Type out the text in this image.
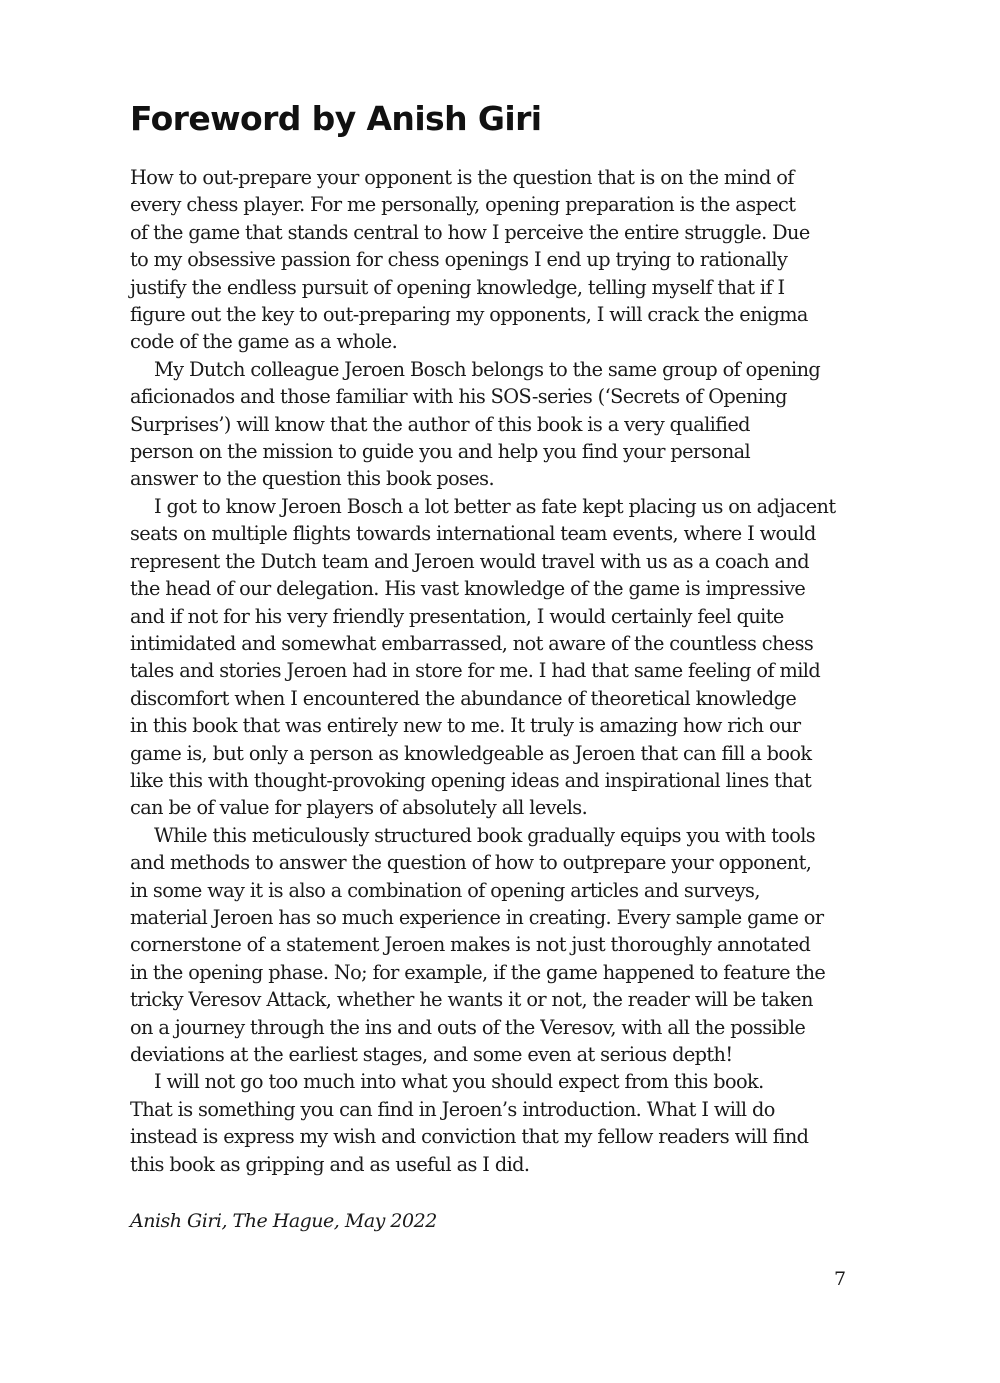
Foreword by Anish Giri

How to out-prepare your opponent is the question that is on the mind of
every chess player. For me personally, opening preparation is the aspect
of the game that stands central to how I perceive the entire struggle. Due
to my obsessive passion for chess openings I end up trying to rationally
justify the endless pursuit of opening knowledge, telling myself that if I
figure out the key to out-preparing my opponents, I will crack the enigma
code of the game as a whole.

My Dutch colleague Jeroen Bosch belongs to the same group of opening
aficionados and those familiar with his SOS-series (‘Secrets of Opening
Surprises’) will know that the author of this book is a very qualified
person on the mission to guide you and help you find your personal
answer to the question this book poses.

I got to know Jeroen Bosch a lot better as fate kept placing us on adjacent
seats on multiple flights towards international team events, where I would
represent the Dutch team and Jeroen would travel with us as a coach and
the head of our delegation. His vast knowledge of the game is impressive
and if not for his very friendly presentation, I would certainly feel quite
intimidated and somewhat embarrassed, not aware of the countless chess
tales and stories Jeroen had in store for me. I had that same feeling of mild
discomfort when I encountered the abundance of theoretical knowledge
in this book that was entirely new to me. It truly is amazing how rich our
game is, but only a person as knowledgeable as Jeroen that can fill a book
like this with thought-provoking opening ideas and inspirational lines that
can be of value for players of absolutely all levels.

While this meticulously structured book gradually equips you with tools
and methods to answer the question of how to outprepare your opponent,
in some way it is also a combination of opening articles and surveys,
material Jeroen has so much experience in creating. Every sample game or
cornerstone of a statement Jeroen makes is not just thoroughly annotated
in the opening phase. No; for example, if the game happened to feature the
tricky Veresov Attack, whether he wants it or not, the reader will be taken
on a journey through the ins and outs of the Veresov, with all the possible
deviations at the earliest stages, and some even at serious depth!

I will not go too much into what you should expect from this book.
That is something you can find in Jeroen’s introduction. What I will do
instead is express my wish and conviction that my fellow readers will find
this book as gripping and as useful as I did.

Anish Giri, The Hague, May 2022

7
